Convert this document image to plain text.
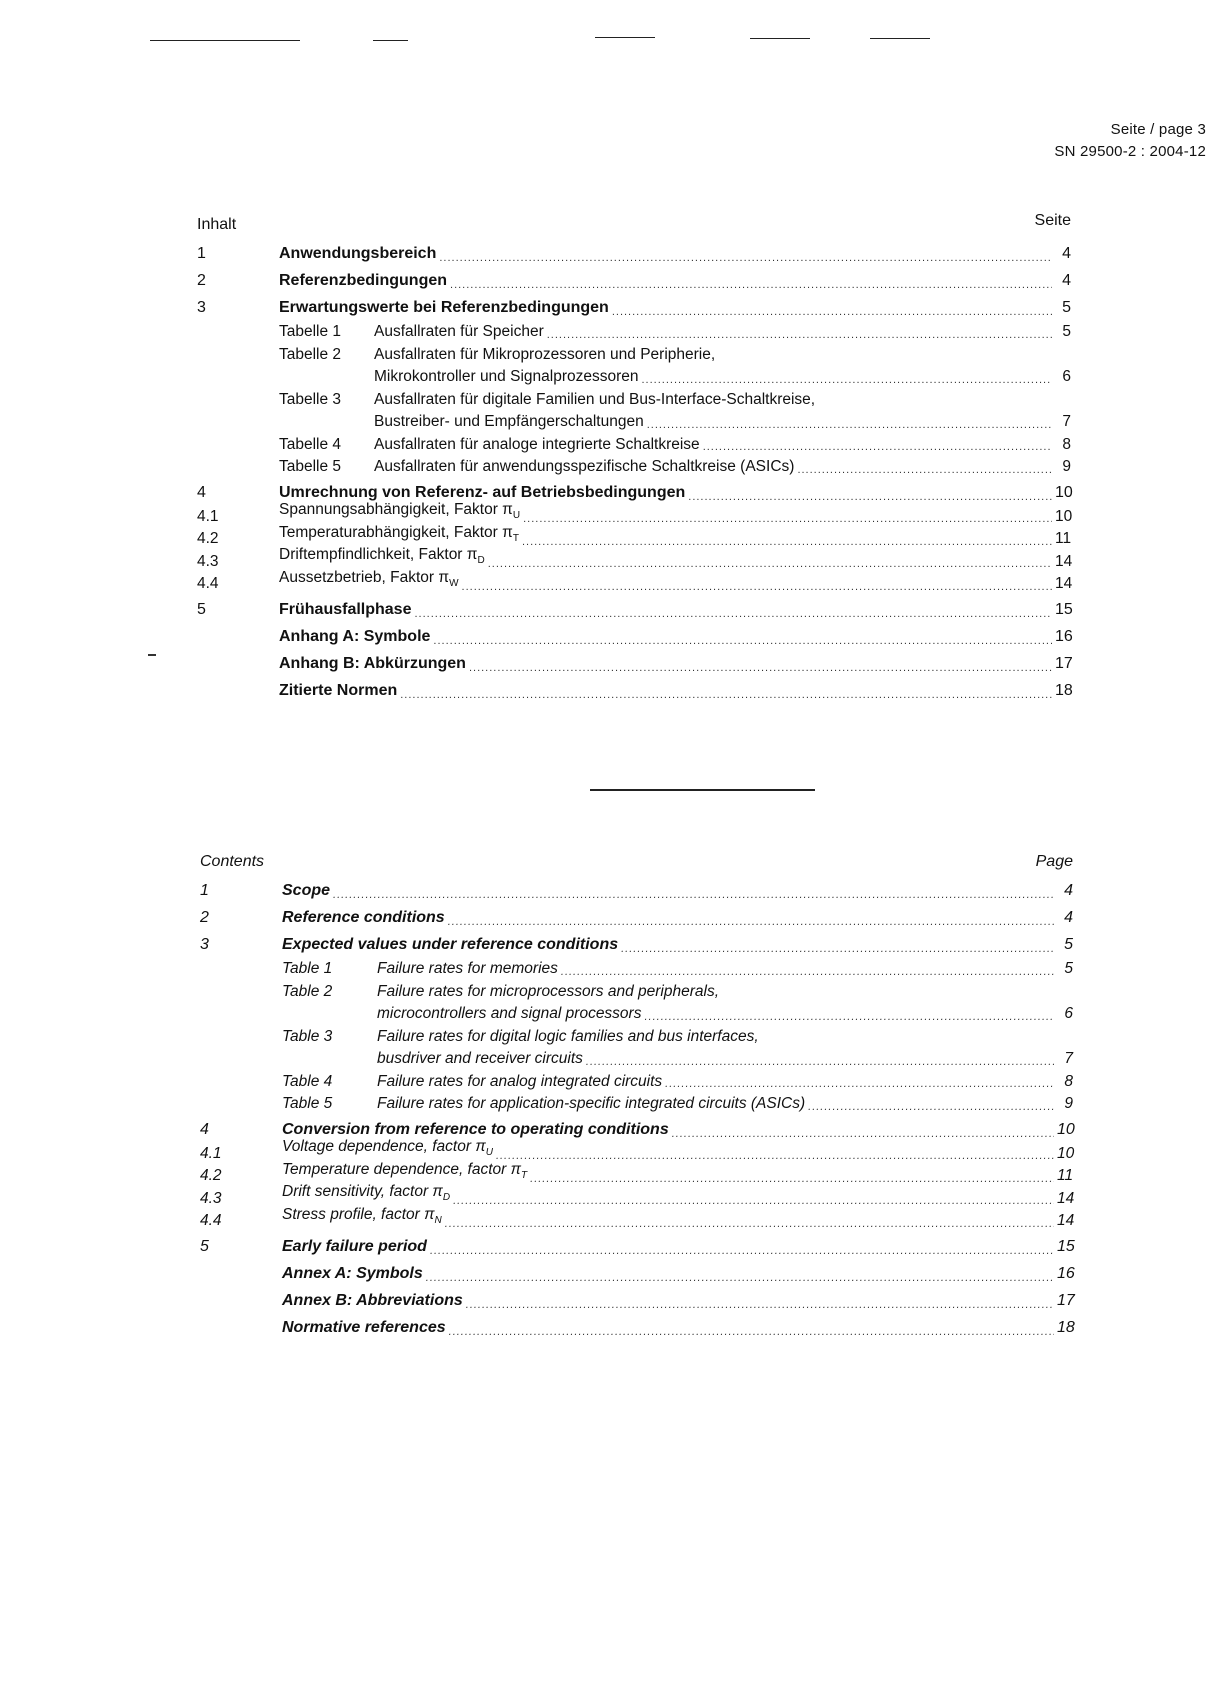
Seite / page 3
SN 29500-2 : 2004-12
Inhalt	Seite
1	Anwendungsbereich .....	4
2	Referenzbedingungen .....	4
3	Erwartungswerte bei Referenzbedingungen .....	5
Tabelle 1	Ausfallraten für Speicher .....	5
Tabelle 2	Ausfallraten für Mikroprozessoren und Peripherie,
Mikrokontroller und Signalprozessoren .....	6
Tabelle 3	Ausfallraten für digitale Familien und Bus-Interface-Schaltkreise,
Bustreiber- und Empfängerschaltungen .....	7
Tabelle 4	Ausfallraten für analoge integrierte Schaltkreise .....	8
Tabelle 5	Ausfallraten für anwendungsspezifische Schaltkreise (ASICs) .....	9
4	Umrechnung von Referenz- auf Betriebsbedingungen .....	10
4.1	Spannungsabhängigkeit, Faktor $\pi_U$ .....	10
4.2	Temperaturabhängigkeit, Faktor $\pi_T$ .....	11
4.3	Driftempfindlichkeit, Faktor $\pi_D$ .....	14
4.4	Aussetzbetrieb, Faktor $\pi_W$ .....	14
5	Frühausfallphase .....	15
Anhang A: Symbole .....	16
Anhang B: Abkürzungen .....	17
Zitierte Normen .....	18
Contents	Page
1	Scope .....	4
2	Reference conditions .....	4
3	Expected values under reference conditions .....	5
Table 1	Failure rates for memories .....	5
Table 2	Failure rates for microprocessors and peripherals,
microcontrollers and signal processors .....	6
Table 3	Failure rates for digital logic families and bus interfaces,
busdriver and receiver circuits .....	7
Table 4	Failure rates for analog integrated circuits .....	8
Table 5	Failure rates for application-specific integrated circuits (ASICs) .....	9
4	Conversion from reference to operating conditions .....	10
4.1	Voltage dependence, factor $\pi_U$ .....	10
4.2	Temperature dependence, factor $\pi_T$ .....	11
4.3	Drift sensitivity, factor $\pi_D$ .....	14
4.4	Stress profile, factor $\pi_N$ .....	14
5	Early failure period .....	15
Annex A: Symbols .....	16
Annex B: Abbreviations .....	17
Normative references .....	18
